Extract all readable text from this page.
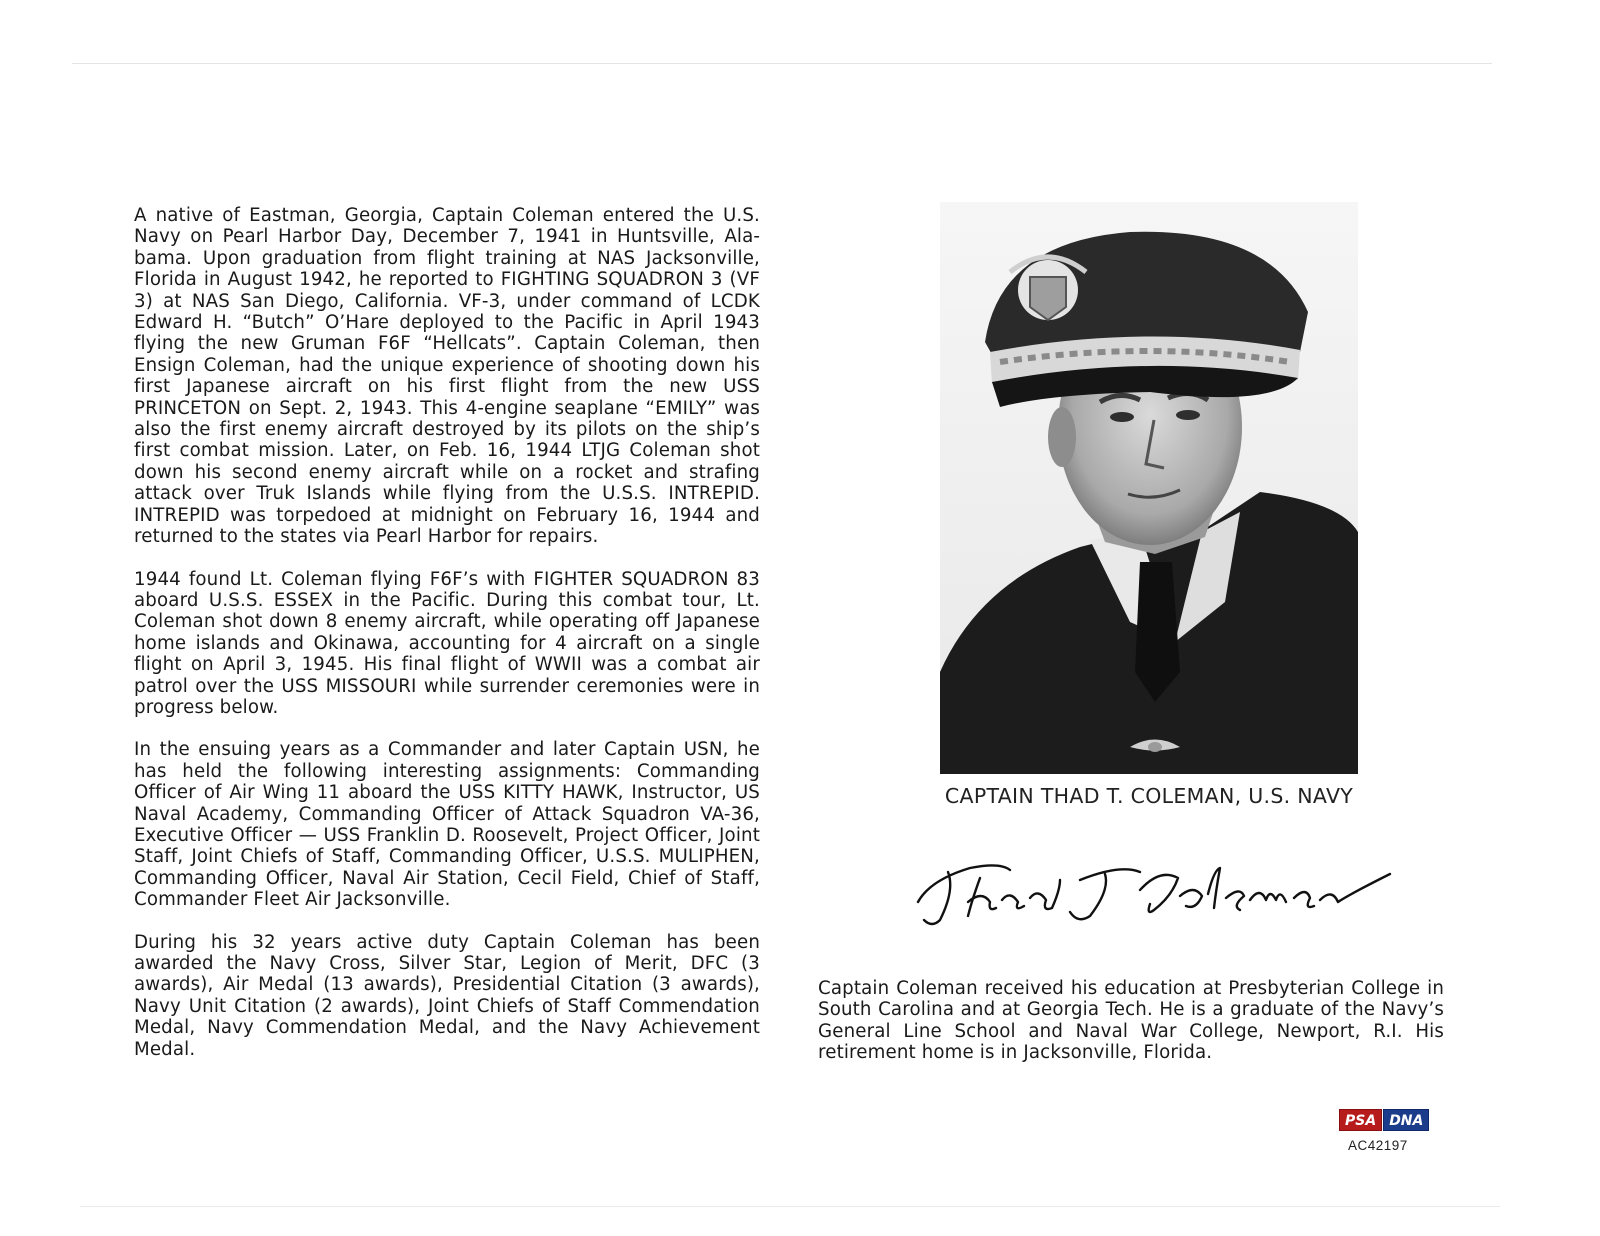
A native of Eastman, Georgia, Captain Coleman entered the U.S. Navy on Pearl Harbor Day, December 7, 1941 in Huntsville, Alabama. Upon graduation from flight training at NAS Jacksonville, Florida in August 1942, he reported to FIGHTING SQUADRON 3 (VF 3) at NAS San Diego, California. VF-3, under command of LCDK Edward H. “Butch” O’Hare deployed to the Pacific in April 1943 flying the new Gruman F6F “Hellcats”. Captain Coleman, then Ensign Coleman, had the unique experience of shooting down his first Japanese aircraft on his first flight from the new USS PRINCETON on Sept. 2, 1943. This 4-engine seaplane “EMILY” was also the first enemy aircraft destroyed by its pilots on the ship’s first combat mission. Later, on Feb. 16, 1944 LTJG Coleman shot down his second enemy aircraft while on a rocket and strafing attack over Truk Islands while flying from the U.S.S. INTREPID. INTREPID was torpedoed at midnight on February 16, 1944 and returned to the states via Pearl Harbor for repairs.

1944 found Lt. Coleman flying F6F’s with FIGHTER SQUADRON 83 aboard U.S.S. ESSEX in the Pacific. During this combat tour, Lt. Coleman shot down 8 enemy aircraft, while operating off Japanese home islands and Okinawa, accounting for 4 aircraft on a single flight on April 3, 1945. His final flight of WWII was a combat air patrol over the USS MISSOURI while surrender ceremonies were in progress below.

In the ensuing years as a Commander and later Captain USN, he has held the following interesting assignments: Commanding Officer of Air Wing 11 aboard the USS KITTY HAWK, Instructor, US Naval Academy, Commanding Officer of Attack Squadron VA-36, Executive Officer — USS Franklin D. Roosevelt, Project Officer, Joint Staff, Joint Chiefs of Staff, Commanding Officer, U.S.S. MULIPHEN, Commanding Officer, Naval Air Station, Cecil Field, Chief of Staff, Commander Fleet Air Jacksonville.

During his 32 years active duty Captain Coleman has been awarded the Navy Cross, Silver Star, Legion of Merit, DFC (3 awards), Air Medal (13 awards), Presidential Citation (3 awards), Navy Unit Citation (2 awards), Joint Chiefs of Staff Commendation Medal, Navy Commendation Medal, and the Navy Achievement Medal.

CAPTAIN THAD T. COLEMAN, U.S. NAVY

Captain Coleman received his education at Presbyterian College in South Carolina and at Georgia Tech. He is a graduate of the Navy’s General Line School and Naval War College, Newport, R.I. His retirement home is in Jacksonville, Florida.

PSA DNA
AC42197
